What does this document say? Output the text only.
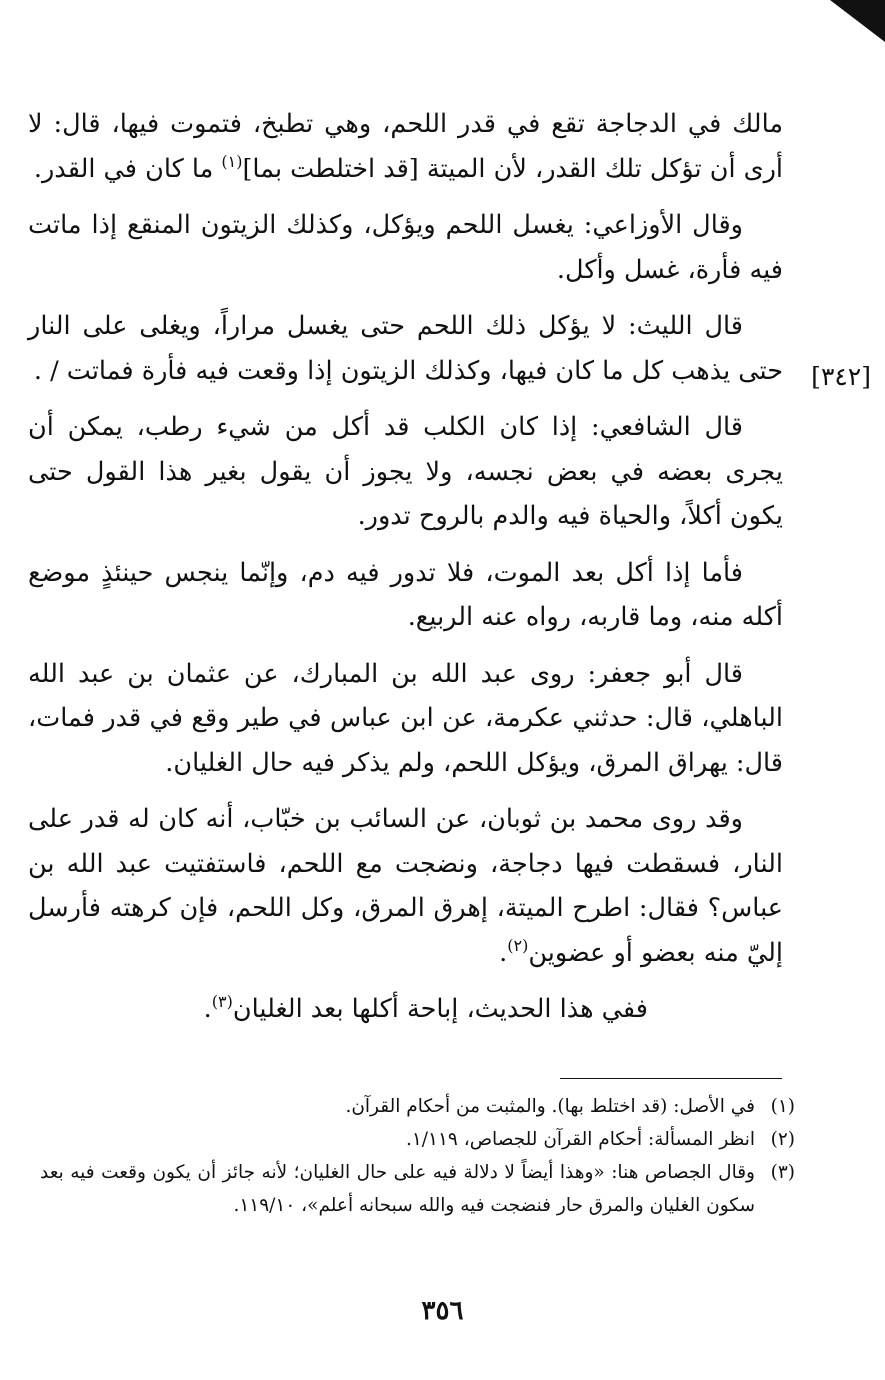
مالك في الدجاجة تقع في قدر اللحم، وهي تطبخ، فتموت فيها، قال: لا أرى أن تؤكل تلك القدر، لأن الميتة [قد اختلطت بما]$^{(١)}$ ما كان في القدر.

وقال الأوزاعي: يغسل اللحم ويؤكل، وكذلك الزيتون المنقع إذا ماتت فيه فأرة، غسل وأكل.

قال الليث: لا يؤكل ذلك اللحم حتى يغسل مراراً، ويغلى على النار حتى يذهب كل ما كان فيها، وكذلك الزيتون إذا وقعت فيه فأرة فماتت / .

قال الشافعي: إذا كان الكلب قد أكل من شيء رطب، يمكن أن يجرى بعضه في بعض نجسه، ولا يجوز أن يقول بغير هذا القول حتى يكون أكلاً، والحياة فيه والدم بالروح تدور.

فأما إذا أكل بعد الموت، فلا تدور فيه دم، وإنّما ينجس حينئذٍ موضع أكله منه، وما قاربه، رواه عنه الربيع.

قال أبو جعفر: روى عبد الله بن المبارك، عن عثمان بن عبد الله الباهلي، قال: حدثني عكرمة، عن ابن عباس في طير وقع في قدر فمات، قال: يهراق المرق، ويؤكل اللحم، ولم يذكر فيه حال الغليان.

وقد روى محمد بن ثوبان، عن السائب بن خبّاب، أنه كان له قدر على النار، فسقطت فيها دجاجة، ونضجت مع اللحم، فاستفتيت عبد الله بن عباس؟ فقال: اطرح الميتة، إهرق المرق، وكل اللحم، فإن كرهته فأرسل إليّ منه بعضو أو عضوين$^{(٢)}$.

ففي هذا الحديث، إباحة أكلها بعد الغليان$^{(٣)}$.

[٣٤٢]

(١)
في الأصل: (قد اختلط بها). والمثبت من أحكام القرآن.

(٢)
انظر المسألة: أحكام القرآن للجصاص، ١/١١٩.

(٣)
وقال الجصاص هنا: «وهذا أيضاً لا دلالة فيه على حال الغليان؛ لأنه جائز أن يكون وقعت فيه بعد سكون الغليان والمرق حار فنضجت فيه والله سبحانه أعلم»، ١١٩/١٠.

٣٥٦
